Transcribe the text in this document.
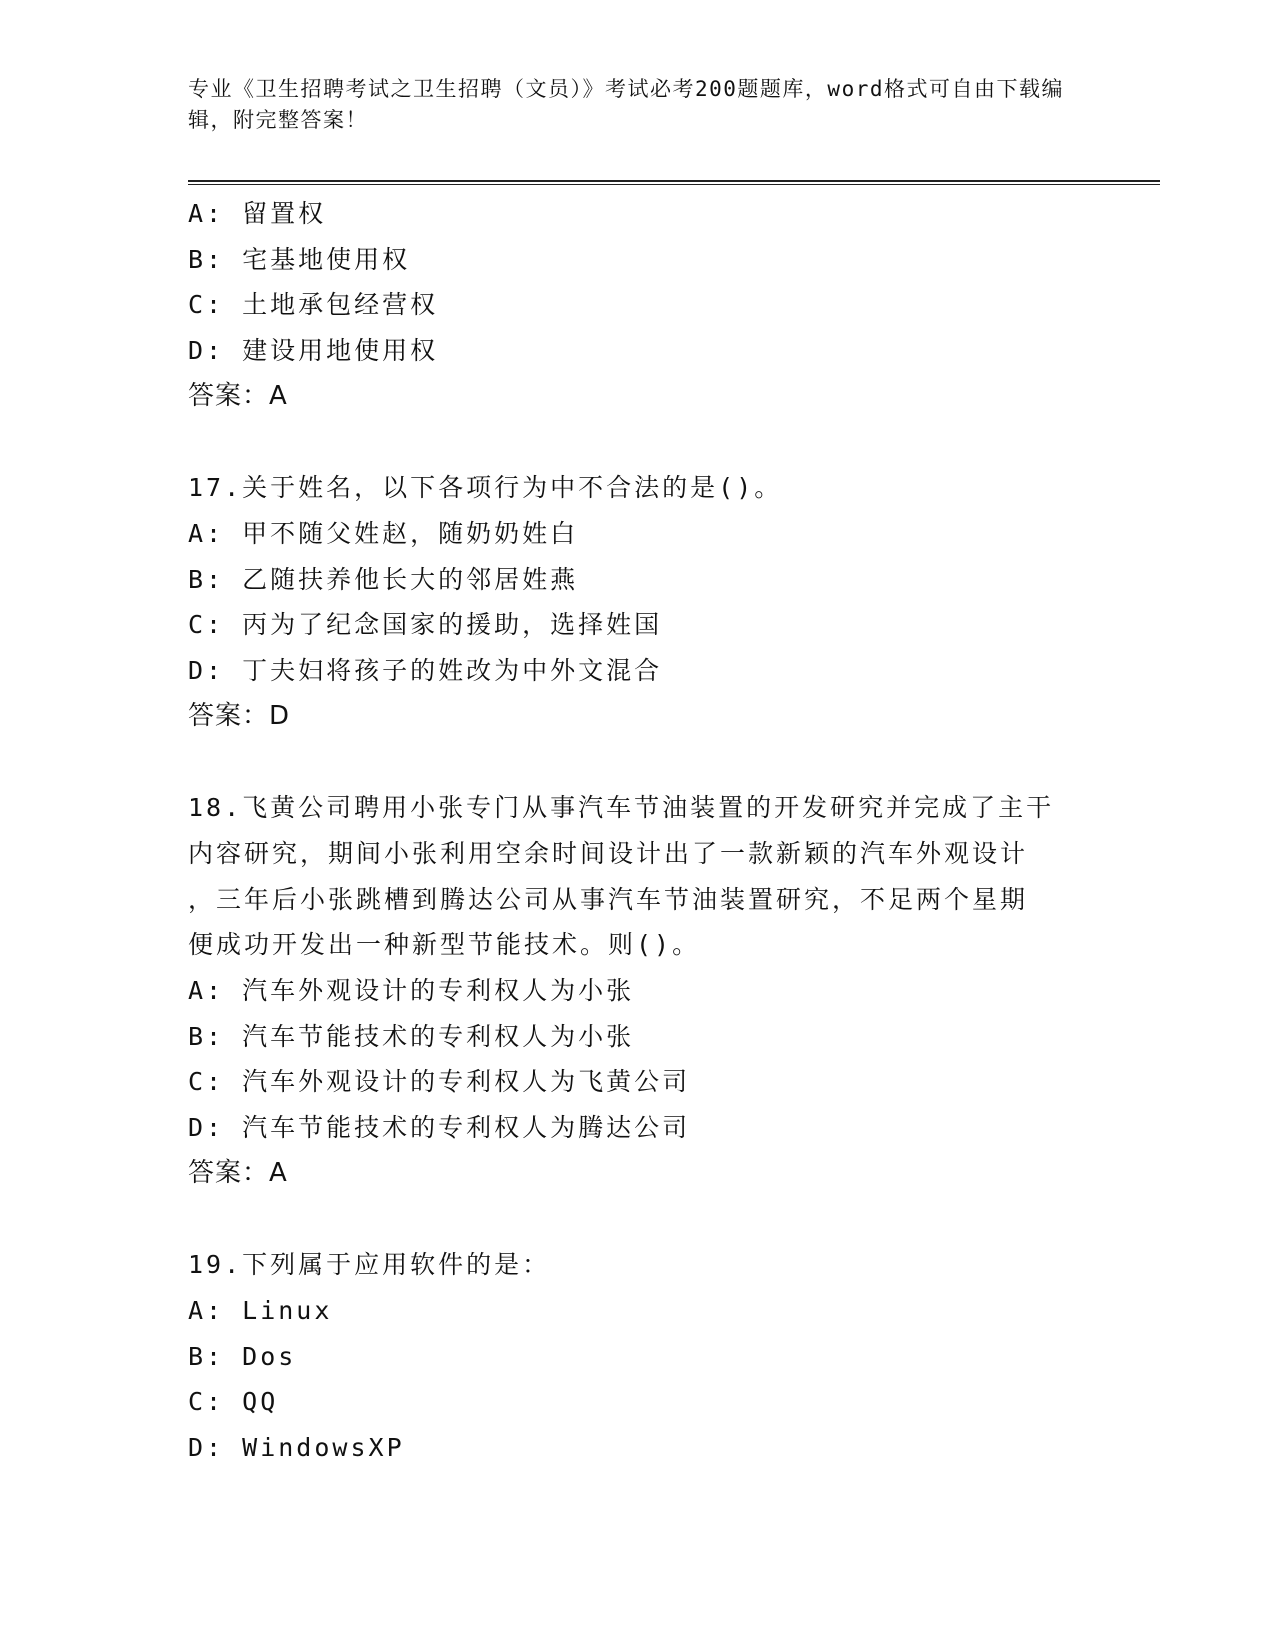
专业《卫生招聘考试之卫生招聘（文员）》考试必考200题题库，word格式可自由下载编辑，附完整答案！
A: 留置权
B: 宅基地使用权
C: 土地承包经营权
D: 建设用地使用权
答案：A
17.关于姓名，以下各项行为中不合法的是()。
A: 甲不随父姓赵，随奶奶姓白
B: 乙随扶养他长大的邻居姓燕
C: 丙为了纪念国家的援助，选择姓国
D: 丁夫妇将孩子的姓改为中外文混合
答案：D
18.飞黄公司聘用小张专门从事汽车节油装置的开发研究并完成了主干
内容研究，期间小张利用空余时间设计出了一款新颖的汽车外观设计
，三年后小张跳槽到腾达公司从事汽车节油装置研究，不足两个星期
便成功开发出一种新型节能技术。则()。
A: 汽车外观设计的专利权人为小张
B: 汽车节能技术的专利权人为小张
C: 汽车外观设计的专利权人为飞黄公司
D: 汽车节能技术的专利权人为腾达公司
答案：A
19.下列属于应用软件的是：
A: Linux
B: Dos
C: QQ
D: WindowsXP
